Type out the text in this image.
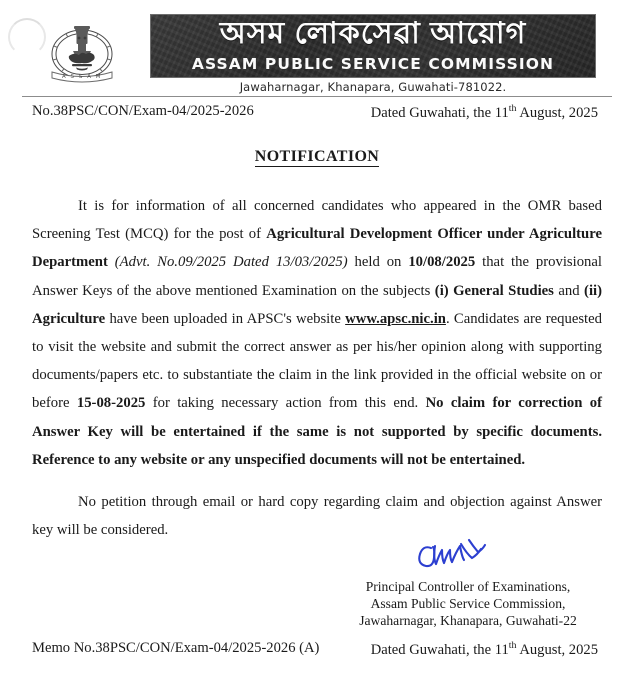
A S S A M
অসম লোকসেৱা আয়োগ
ASSAM PUBLIC SERVICE COMMISSION
Jawaharnagar, Khanapara, Guwahati-781022.
No.38PSC/CON/Exam-04/2025-2026	Dated Guwahati, the 11th August, 2025
NOTIFICATION

It is for information of all concerned candidates who appeared in the OMR based Screening Test (MCQ) for the post of Agricultural Development Officer under Agriculture Department (Advt. No.09/2025 Dated 13/03/2025) held on 10/08/2025 that the provisional Answer Keys of the above mentioned Examination on the subjects (i) General Studies and (ii) Agriculture have been uploaded in APSC's website www.apsc.nic.in. Candidates are requested to visit the website and submit the correct answer as per his/her opinion along with supporting documents/papers etc. to substantiate the claim in the link provided in the official website on or before 15-08-2025 for taking necessary action from this end. No claim for correction of Answer Key will be entertained if the same is not supported by specific documents. Reference to any website or any unspecified documents will not be entertained.

No petition through email or hard copy regarding claim and objection against Answer key will be considered.

Principal Controller of Examinations,
Assam Public Service Commission,
Jawaharnagar, Khanapara, Guwahati-22
Memo No.38PSC/CON/Exam-04/2025-2026 (A)	Dated Guwahati, the 11th August, 2025
